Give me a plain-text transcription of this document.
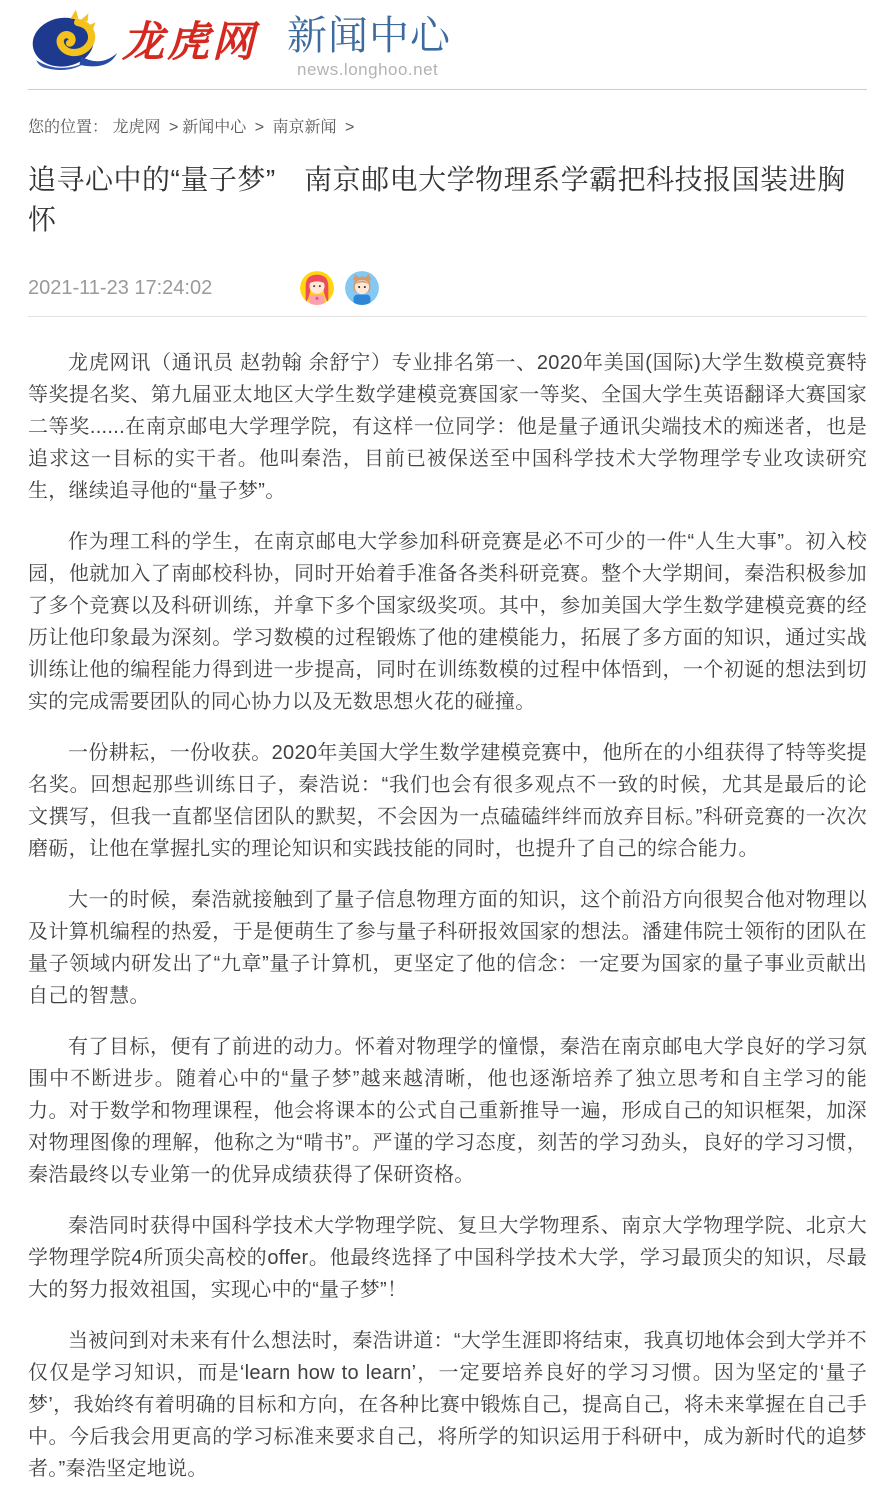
龙虎网 新闻中心
news.longhoo.net
您的位置： 龙虎网 > 新闻中心 > 南京新闻 >
追寻心中的“量子梦”　南京邮电大学物理系学霸把科技报国装进胸怀
2021-11-23 17:24:02

龙虎网讯（通讯员 赵勃翰 余舒宁）专业排名第一、2020年美国(国际)大学生数模竞赛特等奖提名奖、第九届亚太地区大学生数学建模竞赛国家一等奖、全国大学生英语翻译大赛国家二等奖......在南京邮电大学理学院，有这样一位同学：他是量子通讯尖端技术的痴迷者，也是追求这一目标的实干者。他叫秦浩，目前已被保送至中国科学技术大学物理学专业攻读研究生，继续追寻他的“量子梦”。

作为理工科的学生，在南京邮电大学参加科研竞赛是必不可少的一件“人生大事”。初入校园，他就加入了南邮校科协，同时开始着手准备各类科研竞赛。整个大学期间，秦浩积极参加了多个竞赛以及科研训练，并拿下多个国家级奖项。其中，参加美国大学生数学建模竞赛的经历让他印象最为深刻。学习数模的过程锻炼了他的建模能力，拓展了多方面的知识，通过实战训练让他的编程能力得到进一步提高，同时在训练数模的过程中体悟到，一个初诞的想法到切实的完成需要团队的同心协力以及无数思想火花的碰撞。

一份耕耘，一份收获。2020年美国大学生数学建模竞赛中，他所在的小组获得了特等奖提名奖。回想起那些训练日子，秦浩说：“我们也会有很多观点不一致的时候，尤其是最后的论文撰写，但我一直都坚信团队的默契，不会因为一点磕磕绊绊而放弃目标。”科研竞赛的一次次磨砺，让他在掌握扎实的理论知识和实践技能的同时，也提升了自己的综合能力。

大一的时候，秦浩就接触到了量子信息物理方面的知识，这个前沿方向很契合他对物理以及计算机编程的热爱，于是便萌生了参与量子科研报效国家的想法。潘建伟院士领衔的团队在量子领域内研发出了“九章”量子计算机，更坚定了他的信念：一定要为国家的量子事业贡献出自己的智慧。

有了目标，便有了前进的动力。怀着对物理学的憧憬，秦浩在南京邮电大学良好的学习氛围中不断进步。随着心中的“量子梦”越来越清晰，他也逐渐培养了独立思考和自主学习的能力。对于数学和物理课程，他会将课本的公式自己重新推导一遍，形成自己的知识框架，加深对物理图像的理解，他称之为“啃书”。严谨的学习态度，刻苦的学习劲头，良好的学习习惯，秦浩最终以专业第一的优异成绩获得了保研资格。

秦浩同时获得中国科学技术大学物理学院、复旦大学物理系、南京大学物理学院、北京大学物理学院4所顶尖高校的offer。他最终选择了中国科学技术大学，学习最顶尖的知识，尽最大的努力报效祖国，实现心中的“量子梦”！

当被问到对未来有什么想法时，秦浩讲道：“大学生涯即将结束，我真切地体会到大学并不仅仅是学习知识，而是‘learn how to learn’，一定要培养良好的学习习惯。因为坚定的‘量子梦’，我始终有着明确的目标和方向，在各种比赛中锻炼自己，提高自己，将未来掌握在自己手中。今后我会用更高的学习标准来要求自己，将所学的知识运用于科研中，成为新时代的追梦者。”秦浩坚定地说。
